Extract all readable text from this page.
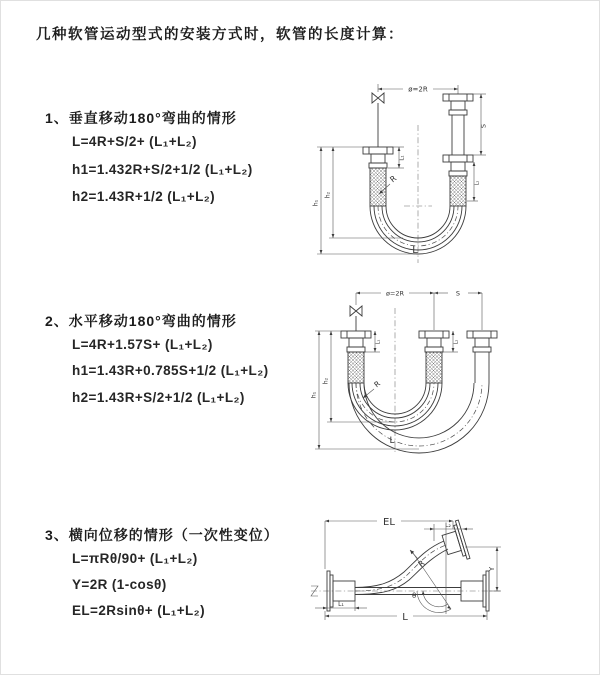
几种软管运动型式的安装方式时，软管的长度计算：
1、垂直移动180°弯曲的情形
L=4R+S/2+ (L₁+L₂)
h1=1.432R+S/2+1/2 (L₁+L₂)
h2=1.43R+1/2 (L₁+L₂)
2、水平移动180°弯曲的情形
L=4R+1.57S+ (L₁+L₂)
h1=1.43R+0.785S+1/2 (L₁+L₂)
h2=1.43R+S/2+1/2 (L₁+L₂)
3、横向位移的情形（一次性变位）
L=πRθ/90+ (L₁+L₂)
Y=2R (1-cosθ)
EL=2Rsinθ+ (L₁+L₂)
ø=2R
h₁
h₂
L₁
S
L₂
R
L
ø=2R	S
h₁
h₂
L₁	L₂
R
L
EL	L₂
Y
R
θ
L
L₁
